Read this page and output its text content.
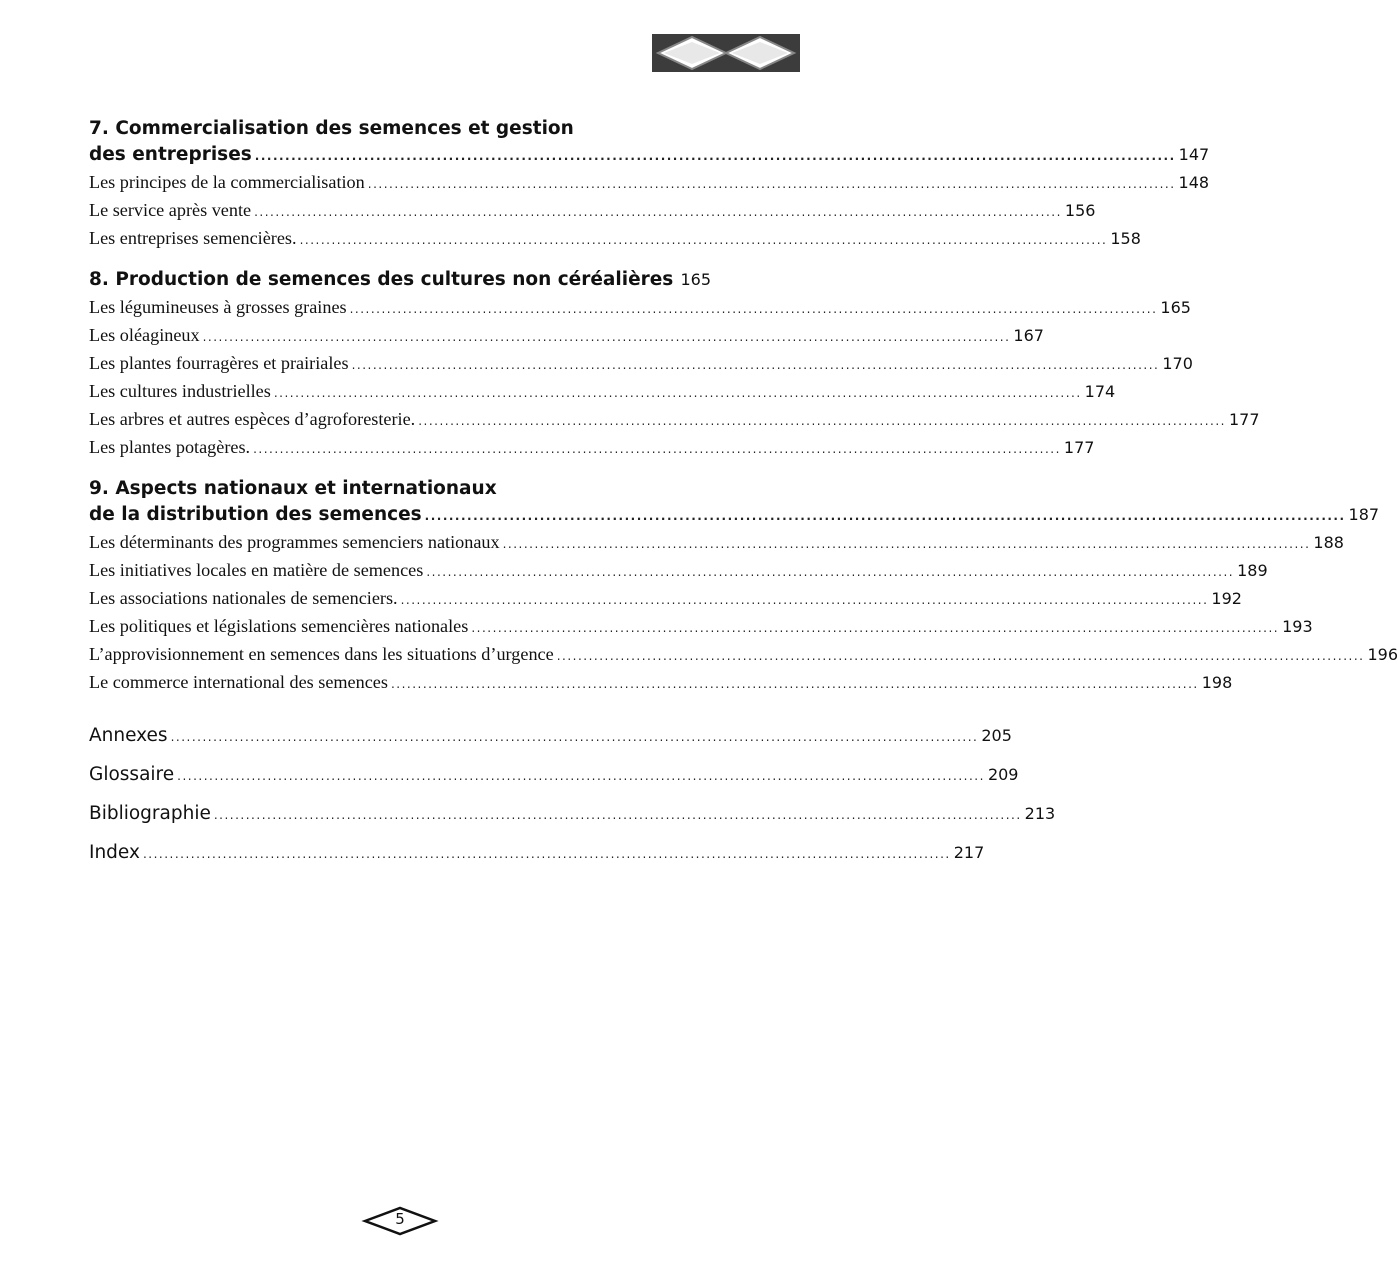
7. Commercialisation des semences et gestion
des entreprises ........................................................................................................................................................ 147
Les principes de la commercialisation ........................................................................................................................................................ 148
Le service après vente ........................................................................................................................................................ 156
Les entreprises semencières. ........................................................................................................................................................ 158
8. Production de semences des cultures non céréalières 165
Les légumineuses à grosses graines ........................................................................................................................................................ 165
Les oléagineux ........................................................................................................................................................ 167
Les plantes fourragères et prairiales ........................................................................................................................................................ 170
Les cultures industrielles ........................................................................................................................................................ 174
Les arbres et autres espèces d’agroforesterie. ........................................................................................................................................................ 177
Les plantes potagères. ........................................................................................................................................................ 177
9. Aspects nationaux et internationaux
de la distribution des semences ........................................................................................................................................................ 187
Les déterminants des programmes semenciers nationaux ........................................................................................................................................................ 188
Les initiatives locales en matière de semences ........................................................................................................................................................ 189
Les associations nationales de semenciers. ........................................................................................................................................................ 192
Les politiques et législations semencières nationales ........................................................................................................................................................ 193
L’approvisionnement en semences dans les situations d’urgence ........................................................................................................................................................ 196
Le commerce international des semences ........................................................................................................................................................ 198
Annexes ........................................................................................................................................................ 205
Glossaire ........................................................................................................................................................ 209
Bibliographie ........................................................................................................................................................ 213
Index ........................................................................................................................................................ 217
5
